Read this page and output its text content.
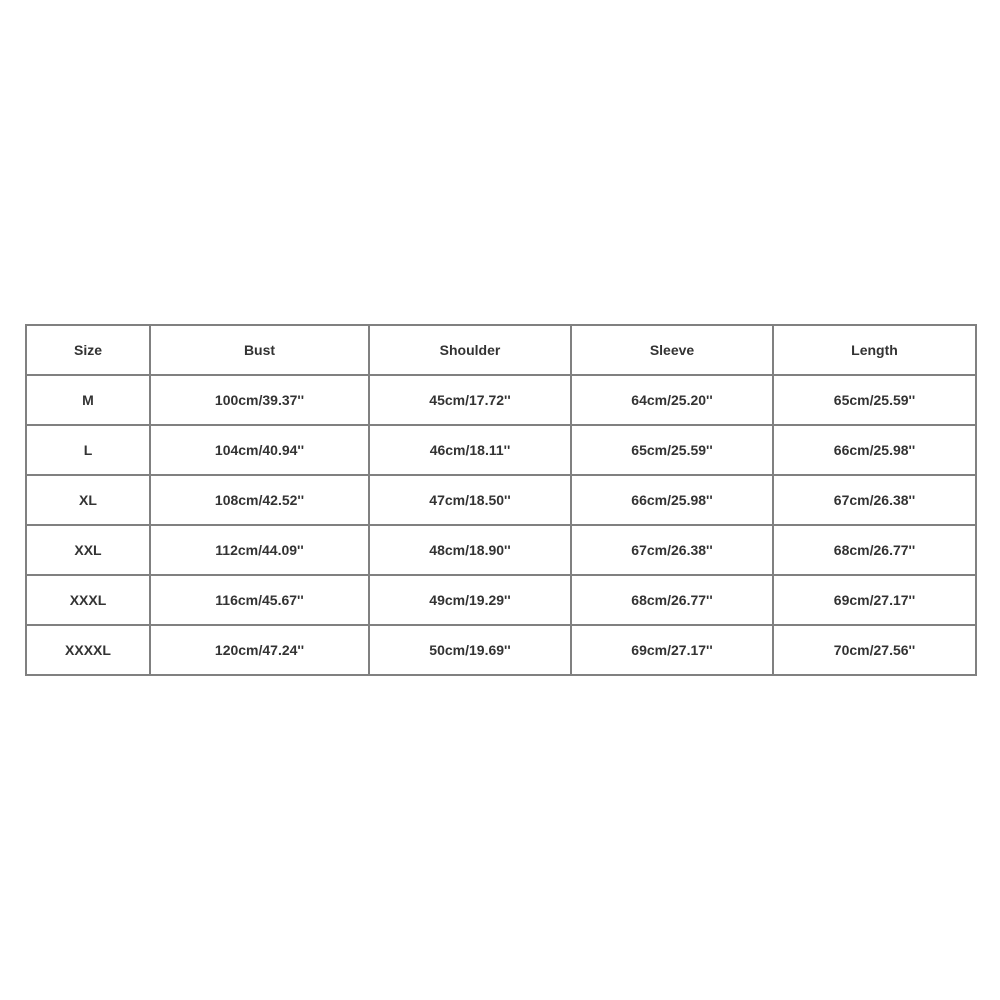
Size	Bust	Shoulder	Sleeve	Length
M	100cm/39.37''	45cm/17.72''	64cm/25.20''	65cm/25.59''
L	104cm/40.94''	46cm/18.11''	65cm/25.59''	66cm/25.98''
XL	108cm/42.52''	47cm/18.50''	66cm/25.98''	67cm/26.38''
XXL	112cm/44.09''	48cm/18.90''	67cm/26.38''	68cm/26.77''
XXXL	116cm/45.67''	49cm/19.29''	68cm/26.77''	69cm/27.17''
XXXXL	120cm/47.24''	50cm/19.69''	69cm/27.17''	70cm/27.56''
